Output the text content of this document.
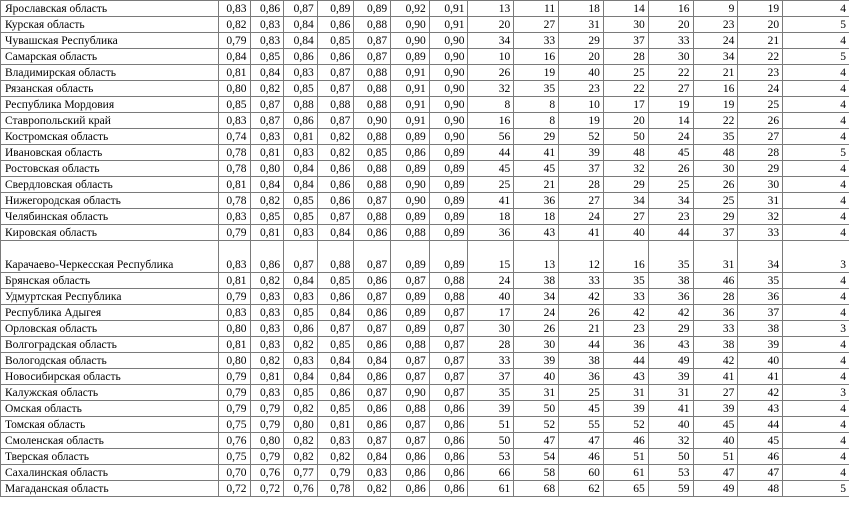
Ярославская область	0,83	0,86	0,87	0,89	0,89	0,92	0,91	13	11	18	14	16	9	19	4
Курская область	0,82	0,83	0,84	0,86	0,88	0,90	0,91	20	27	31	30	20	23	20	5
Чувашская Республика	0,79	0,83	0,84	0,85	0,87	0,90	0,90	34	33	29	37	33	24	21	4
Самарская область	0,84	0,85	0,86	0,86	0,87	0,89	0,90	10	16	20	28	30	34	22	5
Владимирская область	0,81	0,84	0,83	0,87	0,88	0,91	0,90	26	19	40	25	22	21	23	4
Рязанская область	0,80	0,82	0,85	0,87	0,88	0,91	0,90	32	35	23	22	27	16	24	4
Республика Мордовия	0,85	0,87	0,88	0,88	0,88	0,91	0,90	8	8	10	17	19	19	25	4
Ставропольский край	0,83	0,87	0,86	0,87	0,90	0,91	0,90	16	8	19	20	14	22	26	4
Костромская область	0,74	0,83	0,81	0,82	0,88	0,89	0,90	56	29	52	50	24	35	27	4
Ивановская область	0,78	0,81	0,83	0,82	0,85	0,86	0,89	44	41	39	48	45	48	28	5
Ростовская область	0,78	0,80	0,84	0,86	0,88	0,89	0,89	45	45	37	32	26	30	29	4
Свердловская область	0,81	0,84	0,84	0,86	0,88	0,90	0,89	25	21	28	29	25	26	30	4
Нижегородская область	0,78	0,82	0,85	0,86	0,87	0,90	0,89	41	36	27	34	34	25	31	4
Челябинская область	0,83	0,85	0,85	0,87	0,88	0,89	0,89	18	18	24	27	23	29	32	4
Кировская область	0,79	0,81	0,83	0,84	0,86	0,88	0,89	36	43	41	40	44	37	33	4
Карачаево-Черкесская Республика	0,83	0,86	0,87	0,88	0,87	0,89	0,89	15	13	12	16	35	31	34	3
Брянская область	0,81	0,82	0,84	0,85	0,86	0,87	0,88	24	38	33	35	38	46	35	4
Удмуртская Республика	0,79	0,83	0,83	0,86	0,87	0,89	0,88	40	34	42	33	36	28	36	4
Республика Адыгея	0,83	0,83	0,85	0,84	0,86	0,89	0,87	17	24	26	42	42	36	37	4
Орловская область	0,80	0,83	0,86	0,87	0,87	0,89	0,87	30	26	21	23	29	33	38	3
Волгоградская область	0,81	0,83	0,82	0,85	0,86	0,88	0,87	28	30	44	36	43	38	39	4
Вологодская область	0,80	0,82	0,83	0,84	0,84	0,87	0,87	33	39	38	44	49	42	40	4
Новосибирская область	0,79	0,81	0,84	0,84	0,86	0,87	0,87	37	40	36	43	39	41	41	4
Калужская область	0,79	0,83	0,85	0,86	0,87	0,90	0,87	35	31	25	31	31	27	42	3
Омская область	0,79	0,79	0,82	0,85	0,86	0,88	0,86	39	50	45	39	41	39	43	4
Томская область	0,75	0,79	0,80	0,81	0,86	0,87	0,86	51	52	55	52	40	45	44	4
Смоленская область	0,76	0,80	0,82	0,83	0,87	0,87	0,86	50	47	47	46	32	40	45	4
Тверская область	0,75	0,79	0,82	0,82	0,84	0,86	0,86	53	54	46	51	50	51	46	4
Сахалинская область	0,70	0,76	0,77	0,79	0,83	0,86	0,86	66	58	60	61	53	47	47	4
Магаданская область	0,72	0,72	0,76	0,78	0,82	0,86	0,86	61	68	62	65	59	49	48	5
